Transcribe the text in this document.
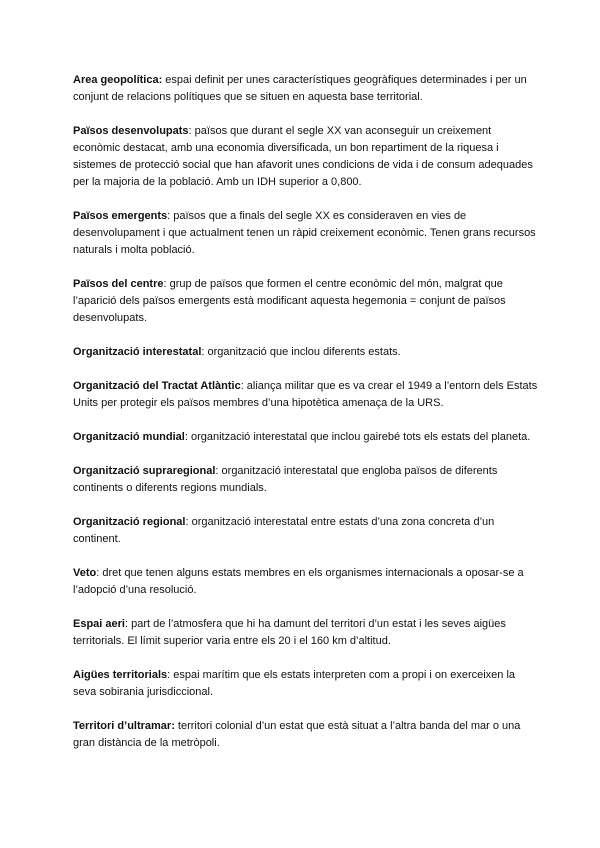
Area geopolítica: espai definit per unes característiques geogràfiques determinades i per un conjunt de relacions polítiques que se situen en aquesta base territorial.

Països desenvolupats: països que durant el segle XX van aconseguir un creixement econòmic destacat, amb una economia diversificada, un bon repartiment de la riquesa i sistemes de protecció social que han afavorit unes condicions de vida i de consum adequades per la majoria de la població. Amb un IDH superior a 0,800.

Països emergents: països que a finals del segle XX es consideraven en vies de desenvolupament i que actualment tenen un ràpid creixement econòmic. Tenen grans recursos naturals i molta població.

Països del centre: grup de països que formen el centre econòmic del món, malgrat que l’aparició dels països emergents està modificant aquesta hegemonia = conjunt de països desenvolupats.

Organització interestatal: organització que inclou diferents estats.

Organització del Tractat Atlàntic: aliança militar que es va crear el 1949 a l’entorn dels Estats Units per protegir els països membres d’una hipotètica amenaça de la URS.

Organització mundial: organització interestatal que inclou gairebé tots els estats del planeta.

Organització supraregional: organització interestatal que engloba països de diferents continents o diferents regions mundials.

Organització regional: organització interestatal entre estats d’una zona concreta d’un continent.

Veto: dret que tenen alguns estats membres en els organismes internacionals a oposar-se a l’adopció d’una resolució.

Espai aeri: part de l’atmosfera que hi ha damunt del territori d’un estat i les seves aigües territorials. El límit superior varia entre els 20 i el 160 km d’altitud.

Aigües territorials: espai marítim que els estats interpreten com a propi i on exerceixen la seva sobirania jurisdiccional.

Territori d’ultramar: territori colonial d’un estat que està situat a l’altra banda del mar o una gran distància de la metròpoli.
